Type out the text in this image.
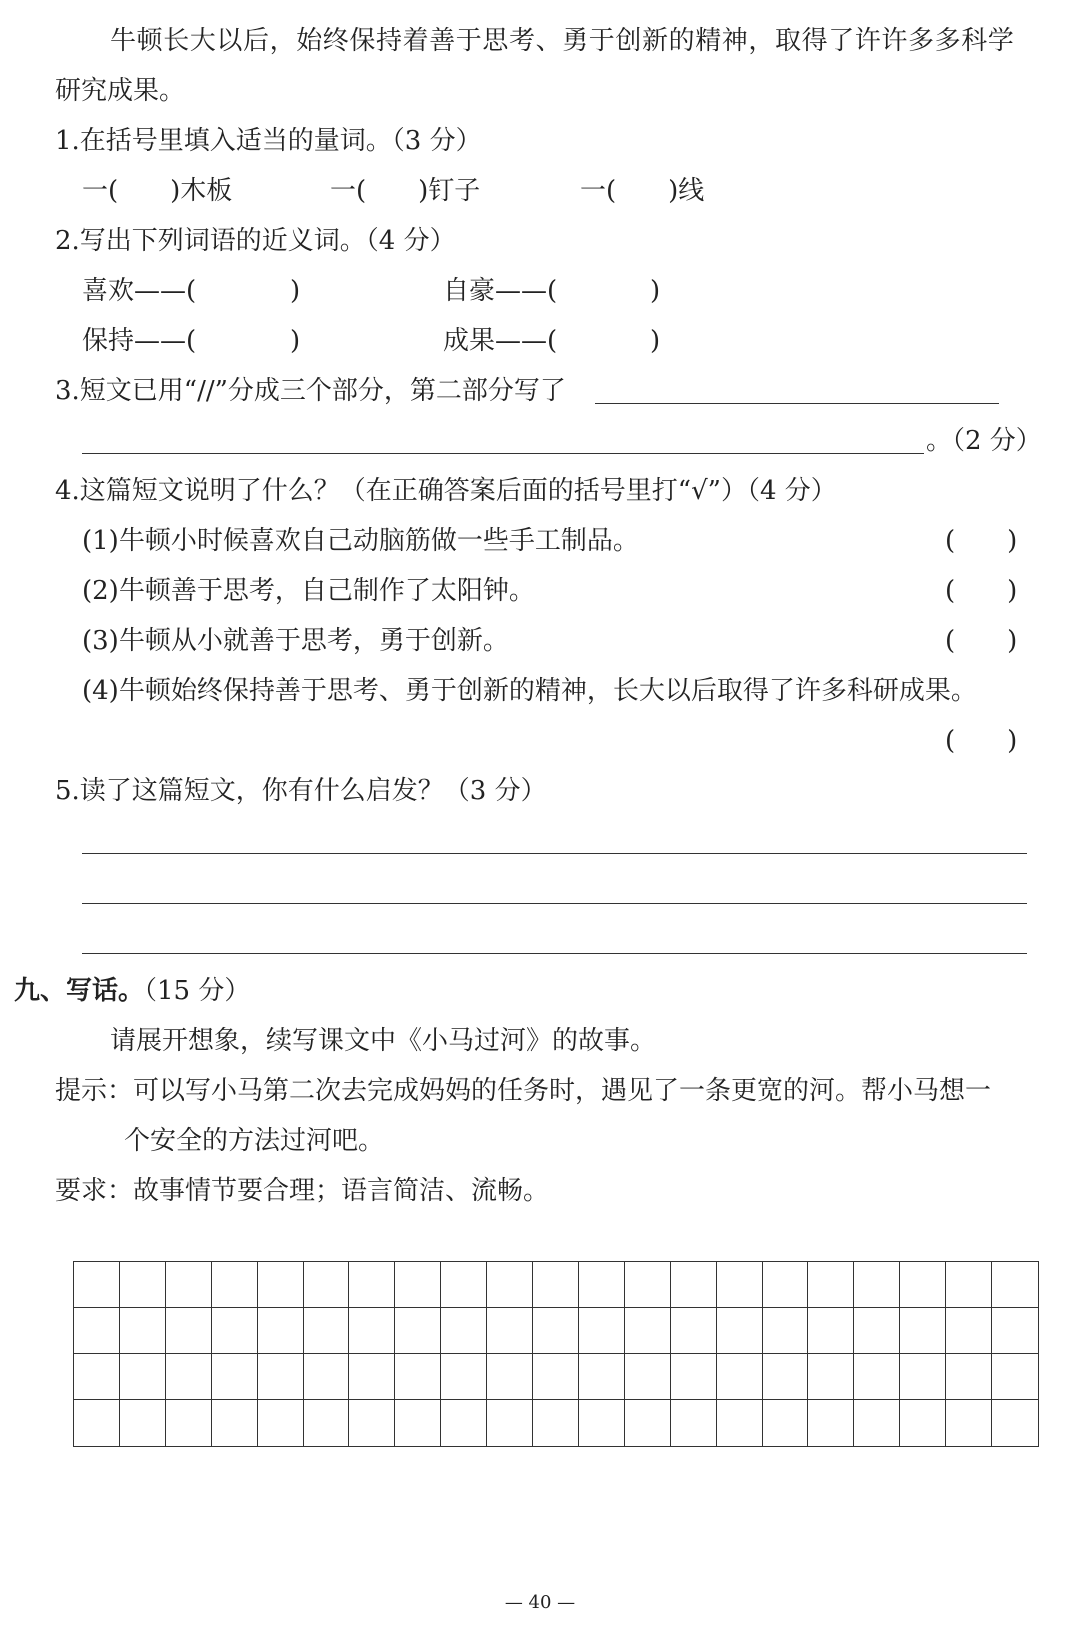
牛顿长大以后，始终保持着善于思考、勇于创新的精神，取得了许许多多科学
研究成果。
1.在括号里填入适当的量词。（3 分）
一(　　)木板	一(　　)钉子	一(　　)线
2.写出下列词语的近义词。（4 分）
喜欢——(	)	自豪——(	)
保持——(	)	成果——(	)
3.短文已用“//”分成三个部分，第二部分写了
。（2 分）
4.这篇短文说明了什么？（在正确答案后面的括号里打“√”）（4 分）
(1)牛顿小时候喜欢自己动脑筋做一些手工制品。	(　　)
(2)牛顿善于思考，自己制作了太阳钟。	(　　)
(3)牛顿从小就善于思考，勇于创新。	(　　)
(4)牛顿始终保持善于思考、勇于创新的精神，长大以后取得了许多科研成果。
(　　)
5.读了这篇短文，你有什么启发？（3 分）
九、写话。（15 分）
请展开想象，续写课文中《小马过河》的故事。
提示：可以写小马第二次去完成妈妈的任务时，遇见了一条更宽的河。帮小马想一
个安全的方法过河吧。
要求：故事情节要合理；语言简洁、流畅。
— 40 —
